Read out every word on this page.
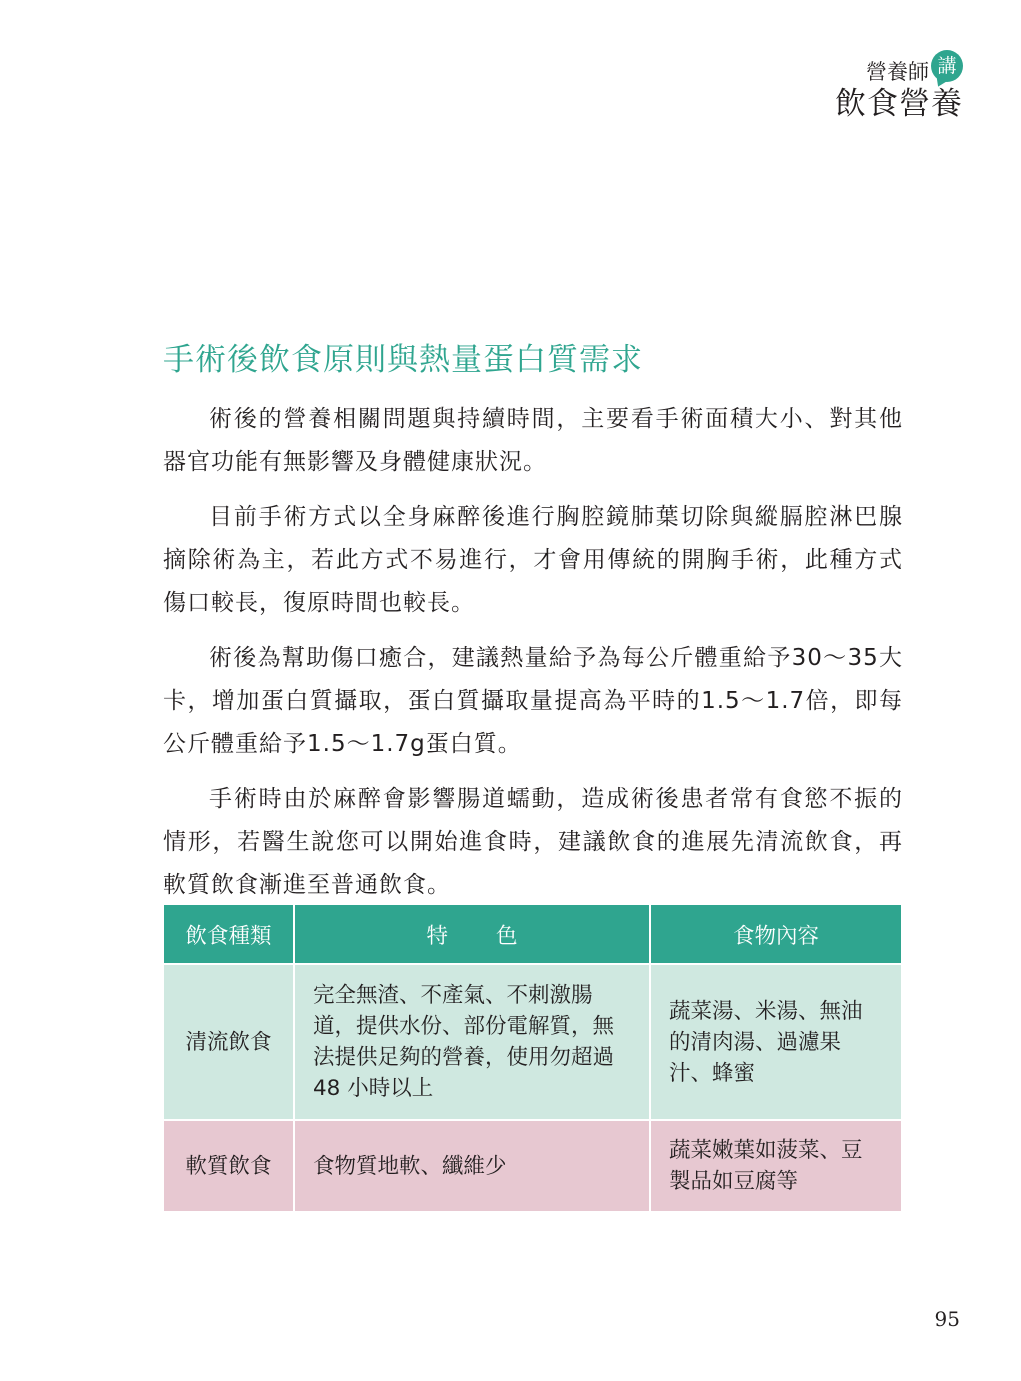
營養師 講
飲食營養
手術後飲食原則與熱量蛋白質需求

術後的營養相關問題與持續時間，主要看手術面積大小、對其他器官功能有無影響及身體健康狀況。

目前手術方式以全身麻醉後進行胸腔鏡肺葉切除與縱膈腔淋巴腺摘除術為主，若此方式不易進行，才會用傳統的開胸手術，此種方式傷口較長，復原時間也較長。

術後為幫助傷口癒合，建議熱量給予為每公斤體重給予30～35大卡，增加蛋白質攝取，蛋白質攝取量提高為平時的1.5～1.7倍，即每公斤體重給予1.5～1.7g蛋白質。

手術時由於麻醉會影響腸道蠕動，造成術後患者常有食慾不振的情形，若醫生說您可以開始進食時，建議飲食的進展先清流飲食，再軟質飲食漸進至普通飲食。

飲食種類	特色	食物內容
清流飲食	完全無渣、不產氣、不刺激腸道，提供水份、部份電解質，無法提供足夠的營養，使用勿超過 48 小時以上	蔬菜湯、米湯、無油的清肉湯、過濾果汁、蜂蜜
軟質飲食	食物質地軟、纖維少	蔬菜嫩葉如菠菜、豆製品如豆腐等
95
